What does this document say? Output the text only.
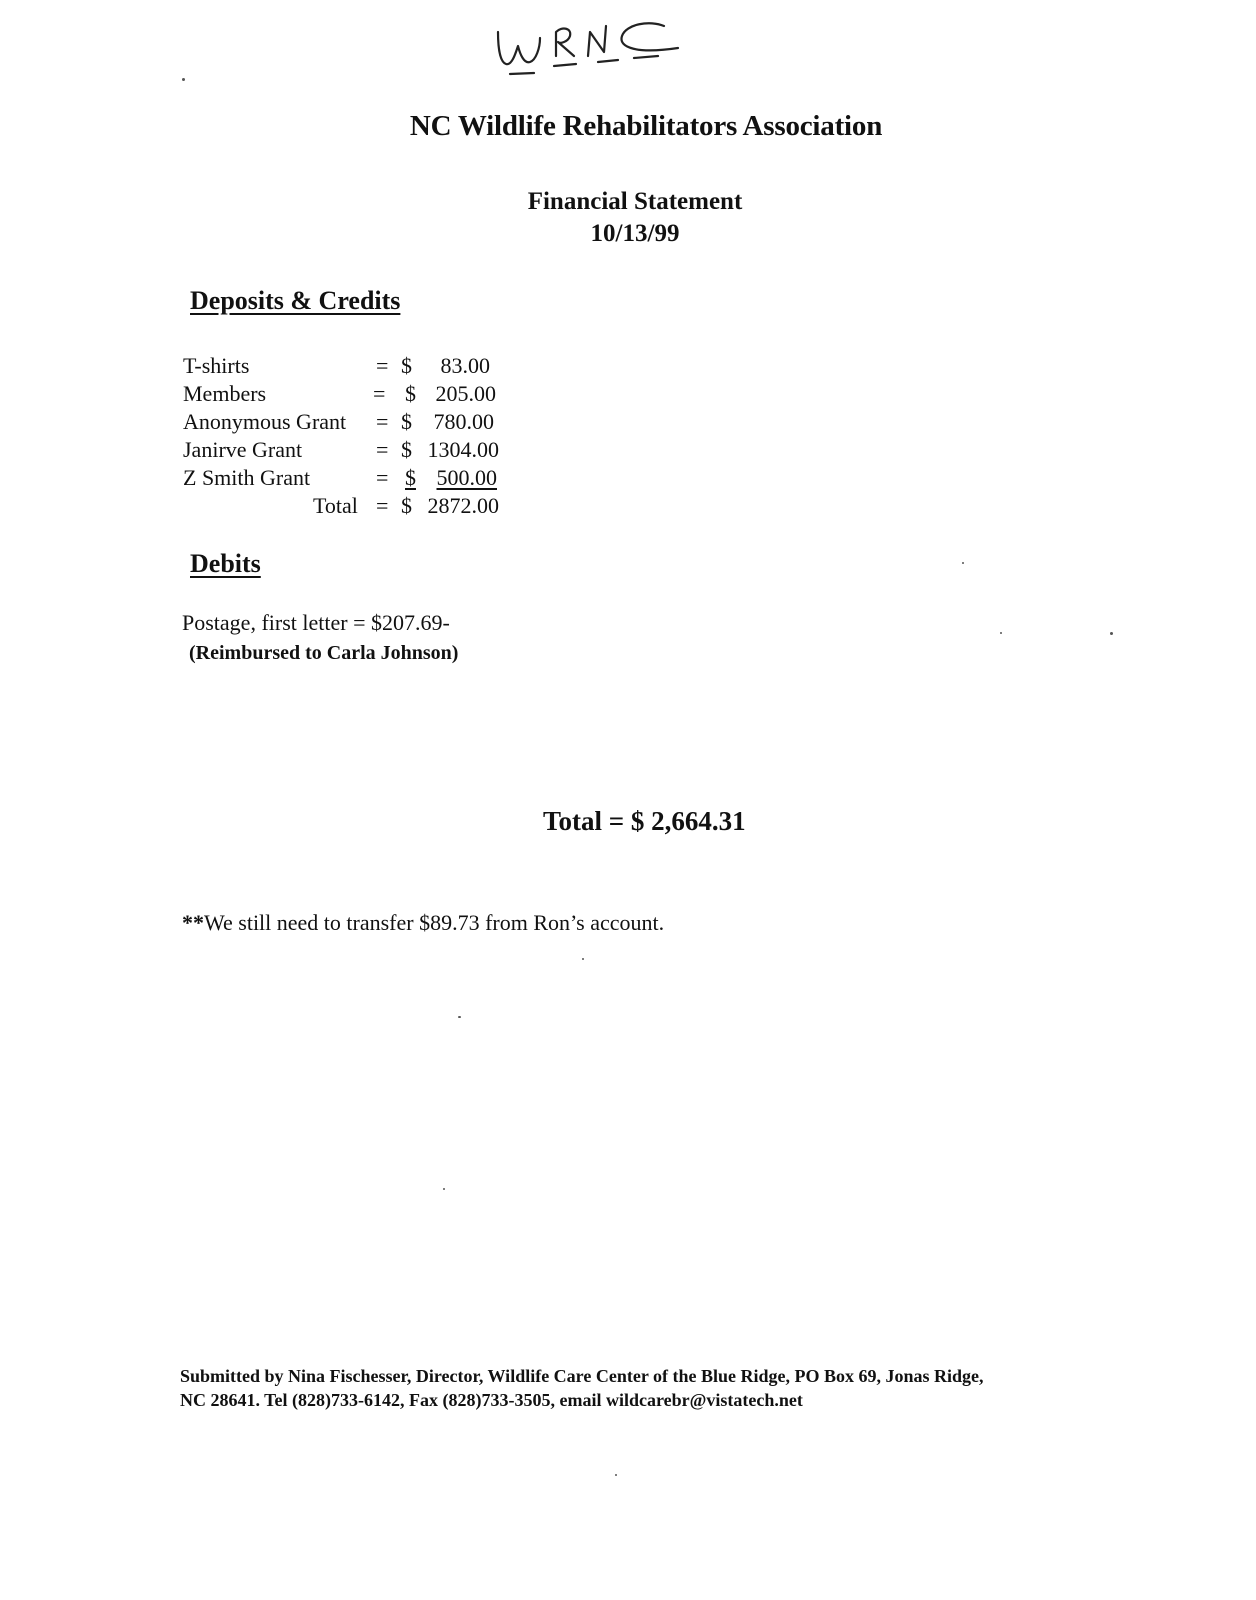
NC Wildlife Rehabilitators Association
Financial Statement
10/13/99
Deposits & Credits
T-shirts	= $ 83.00
Members	= $ 205.00
Anonymous Grant = $ 780.00
Janirve Grant	= $ 1304.00
Z Smith Grant	= $ 500.00
Total = $ 2872.00
Debits
Postage, first letter = $207.69-
(Reimbursed to Carla Johnson)
Total = $ 2,664.31
**We still need to transfer $89.73 from Ron’s account.
Submitted by Nina Fischesser, Director, Wildlife Care Center of the Blue Ridge, PO Box 69, Jonas Ridge,
NC 28641. Tel (828)733-6142, Fax (828)733-3505, email wildcarebr@vistatech.net
